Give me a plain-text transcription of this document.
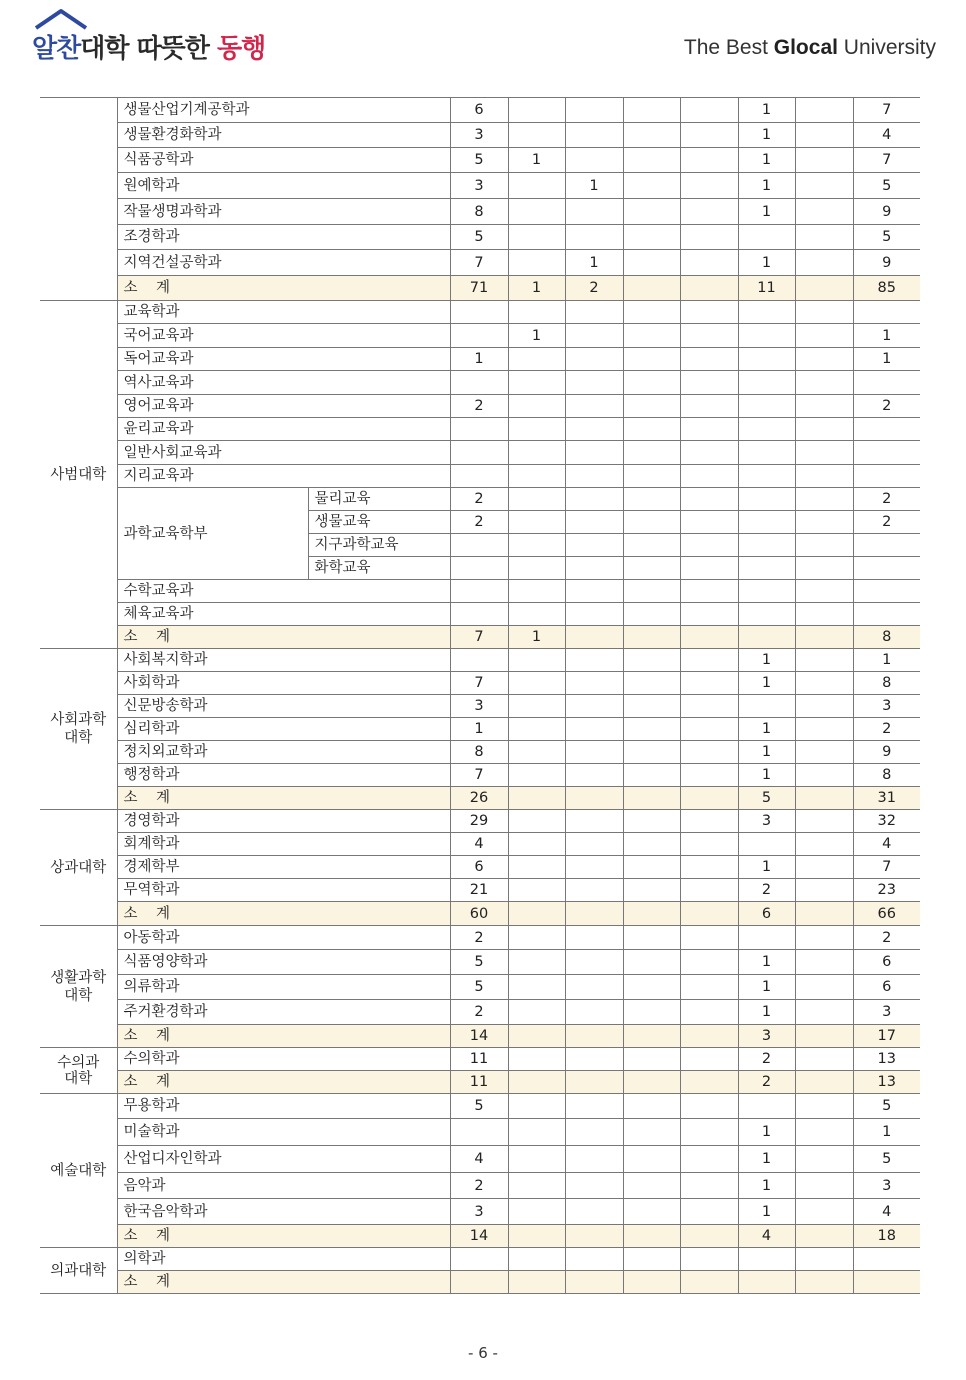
알찬대학 따뜻한 동행	The Best Glocal University
	생물산업기계공학과		6					1		7
	생물환경화학과		3					1		4
	식품공학과		5	1				1		7
	원예학과		3		1			1		5
	작물생명과학과		8					1		9
	조경학과		5							5
	지역건설공학과		7		1			1		9
	소    계		71	1	2			11		85
사범대학	교육학과									
	국어교육과			1						1
	독어교육과		1							1
	역사교육과									
	영어교육과		2							2
	윤리교육과									
	일반사회교육과									
	지리교육과									
	과학교육학부	물리교육	2							2
		생물교육	2							2
		지구과학교육								
		화학교육								
	수학교육과									
	체육교육과									
	소    계		7	1						8
사회과학
대학	사회복지학과							1		1
	사회학과		7					1		8
	신문방송학과		3							3
	심리학과		1					1		2
	정치외교학과		8					1		9
	행정학과		7					1		8
	소    계		26					5		31
상과대학	경영학과		29					3		32
	회계학과		4							4
	경제학부		6					1		7
	무역학과		21					2		23
	소    계		60					6		66
생활과학
대학	아동학과		2							2
	식품영양학과		5					1		6
	의류학과		5					1		6
	주거환경학과		2					1		3
	소    계		14					3		17
수의과
대학	수의학과		11					2		13
	소    계		11					2		13
예술대학	무용학과		5							5
	미술학과							1		1
	산업디자인학과		4					1		5
	음악과		2					1		3
	한국음악학과		3					1		4
	소    계		14					4		18
의과대학	의학과									
	소    계									
- 6 -
